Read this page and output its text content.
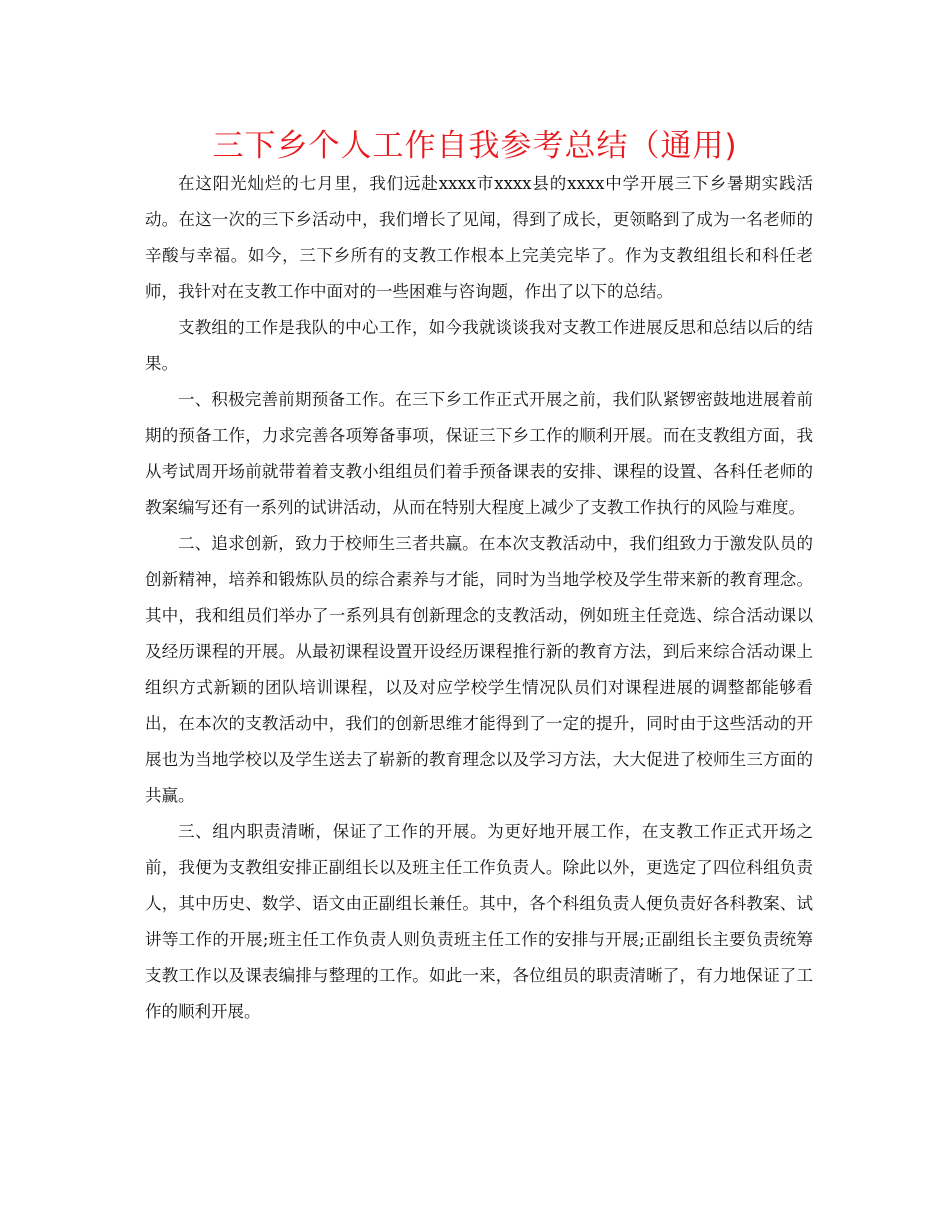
三下乡个人工作自我参考总结（通用)

在这阳光灿烂的七月里，我们远赴xxxx市xxxx县的xxxx中学开展三下乡暑期实践活动。在这一次的三下乡活动中，我们增长了见闻，得到了成长，更领略到了成为一名老师的辛酸与幸福。如今，三下乡所有的支教工作根本上完美完毕了。作为支教组组长和科任老师，我针对在支教工作中面对的一些困难与咨询题，作出了以下的总结。

支教组的工作是我队的中心工作，如今我就谈谈我对支教工作进展反思和总结以后的结果。

一、积极完善前期预备工作。在三下乡工作正式开展之前，我们队紧锣密鼓地进展着前期的预备工作，力求完善各项筹备事项，保证三下乡工作的顺利开展。而在支教组方面，我从考试周开场前就带着着支教小组组员们着手预备课表的安排、课程的设置、各科任老师的教案编写还有一系列的试讲活动，从而在特别大程度上减少了支教工作执行的风险与难度。

二、追求创新，致力于校师生三者共赢。在本次支教活动中，我们组致力于激发队员的创新精神，培养和锻炼队员的综合素养与才能，同时为当地学校及学生带来新的教育理念。其中，我和组员们举办了一系列具有创新理念的支教活动，例如班主任竞选、综合活动课以及经历课程的开展。从最初课程设置开设经历课程推行新的教育方法，到后来综合活动课上组织方式新颖的团队培训课程，以及对应学校学生情况队员们对课程进展的调整都能够看出，在本次的支教活动中，我们的创新思维才能得到了一定的提升，同时由于这些活动的开展也为当地学校以及学生送去了崭新的教育理念以及学习方法，大大促进了校师生三方面的共赢。

三、组内职责清晰，保证了工作的开展。为更好地开展工作，在支教工作正式开场之前，我便为支教组安排正副组长以及班主任工作负责人。除此以外，更选定了四位科组负责人，其中历史、数学、语文由正副组长兼任。其中，各个科组负责人便负责好各科教案、试讲等工作的开展;班主任工作负责人则负责班主任工作的安排与开展;正副组长主要负责统筹支教工作以及课表编排与整理的工作。如此一来，各位组员的职责清晰了，有力地保证了工作的顺利开展。
